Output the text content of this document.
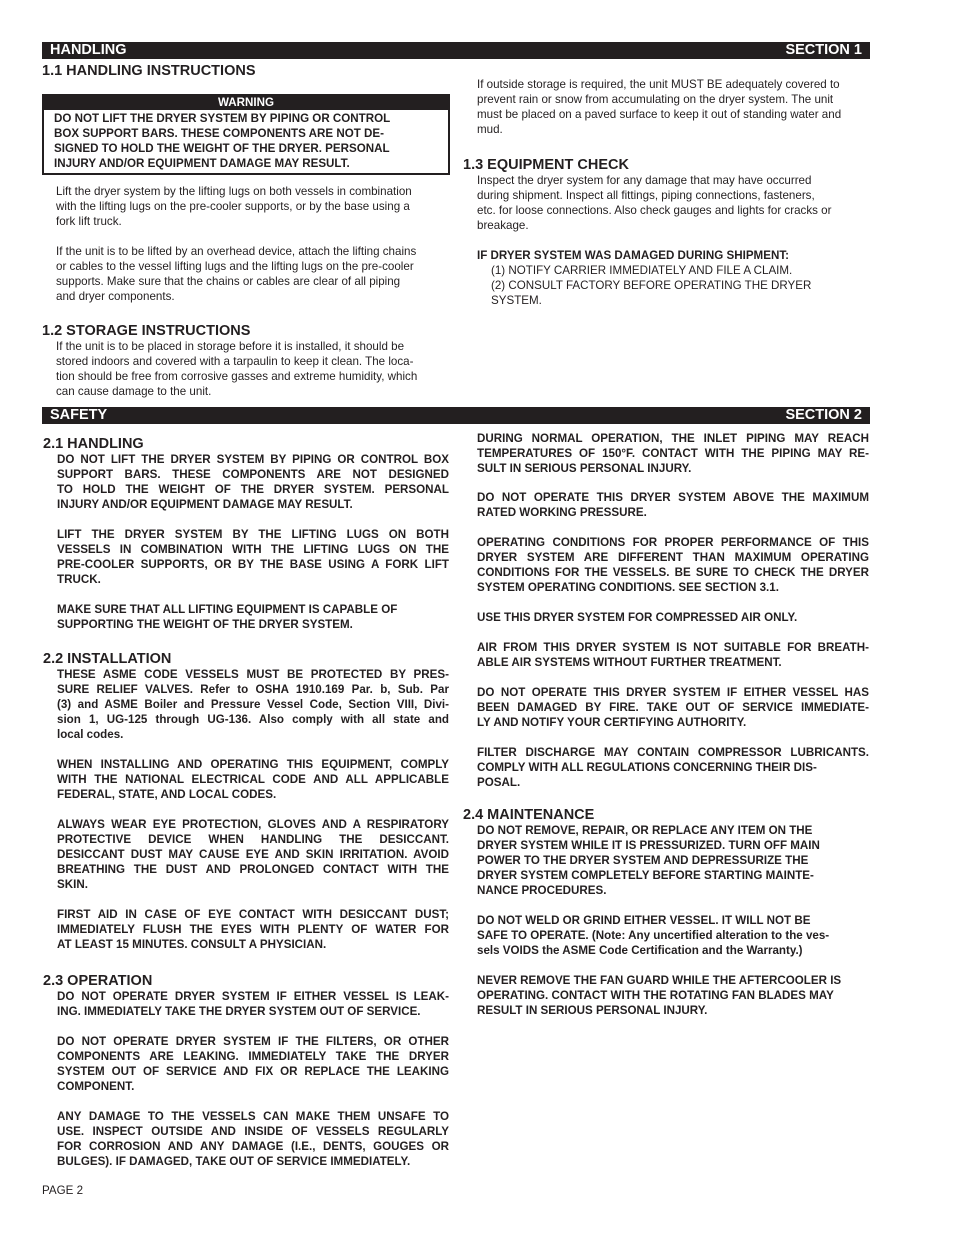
HANDLING	SECTION 1
1.1 HANDLING INSTRUCTIONS
WARNING
DO NOT LIFT THE DRYER SYSTEM BY PIPING OR CONTROL
BOX SUPPORT BARS. THESE COMPONENTS ARE NOT DE-
SIGNED TO HOLD THE WEIGHT OF THE DRYER. PERSONAL
INJURY AND/OR EQUIPMENT DAMAGE MAY RESULT.
Lift the dryer system by the lifting lugs on both vessels in combination
with the lifting lugs on the pre-cooler supports, or by the base using a
fork lift truck.
If the unit is to be lifted by an overhead device, attach the lifting chains
or cables to the vessel lifting lugs and the lifting lugs on the pre-cooler
supports. Make sure that the chains or cables are clear of all piping
and dryer components.
1.2 STORAGE INSTRUCTIONS
If the unit is to be placed in storage before it is installed, it should be
stored indoors and covered with a tarpaulin to keep it clean. The loca-
tion should be free from corrosive gasses and extreme humidity, which
can cause damage to the unit.
If outside storage is required, the unit MUST BE adequately covered to
prevent rain or snow from accumulating on the dryer system. The unit
must be placed on a paved surface to keep it out of standing water and
mud.
1.3 EQUIPMENT CHECK
Inspect the dryer system for any damage that may have occurred
during shipment. Inspect all fittings, piping connections, fasteners,
etc. for loose connections. Also check gauges and lights for cracks or
breakage.
IF DRYER SYSTEM WAS DAMAGED DURING SHIPMENT:
(1) NOTIFY CARRIER IMMEDIATELY AND FILE A CLAIM.
(2) CONSULT FACTORY BEFORE OPERATING THE DRYER
SYSTEM.
SAFETY	SECTION 2
2.1 HANDLING
DO NOT LIFT THE DRYER SYSTEM BY PIPING OR CONTROL BOX
SUPPORT BARS. THESE COMPONENTS ARE NOT DESIGNED
TO HOLD THE WEIGHT OF THE DRYER SYSTEM. PERSONAL
INJURY AND/OR EQUIPMENT DAMAGE MAY RESULT.
LIFT THE DRYER SYSTEM BY THE LIFTING LUGS ON BOTH
VESSELS IN COMBINATION WITH THE LIFTING LUGS ON THE
PRE-COOLER SUPPORTS, OR BY THE BASE USING A FORK LIFT
TRUCK.
MAKE SURE THAT ALL LIFTING EQUIPMENT IS CAPABLE OF
SUPPORTING THE WEIGHT OF THE DRYER SYSTEM.
2.2 INSTALLATION
THESE ASME CODE VESSELS MUST BE PROTECTED BY PRES-
SURE RELIEF VALVES. Refer to OSHA 1910.169 Par. b, Sub. Par
(3) and ASME Boiler and Pressure Vessel Code, Section VIII, Divi-
sion 1, UG-125 through UG-136. Also comply with all state and
local codes.
WHEN INSTALLING AND OPERATING THIS EQUIPMENT, COMPLY
WITH THE NATIONAL ELECTRICAL CODE AND ALL APPLICABLE
FEDERAL, STATE, AND LOCAL CODES.
ALWAYS WEAR EYE PROTECTION, GLOVES AND A RESPIRATORY
PROTECTIVE DEVICE WHEN HANDLING THE DESICCANT.
DESICCANT DUST MAY CAUSE EYE AND SKIN IRRITATION. AVOID
BREATHING THE DUST AND PROLONGED CONTACT WITH THE
SKIN.
FIRST AID IN CASE OF EYE CONTACT WITH DESICCANT DUST;
IMMEDIATELY FLUSH THE EYES WITH PLENTY OF WATER FOR
AT LEAST 15 MINUTES. CONSULT A PHYSICIAN.
2.3 OPERATION
DO NOT OPERATE DRYER SYSTEM IF EITHER VESSEL IS LEAK-
ING. IMMEDIATELY TAKE THE DRYER SYSTEM OUT OF SERVICE.
DO NOT OPERATE DRYER SYSTEM IF THE FILTERS, OR OTHER
COMPONENTS ARE LEAKING. IMMEDIATELY TAKE THE DRYER
SYSTEM OUT OF SERVICE AND FIX OR REPLACE THE LEAKING
COMPONENT.
ANY DAMAGE TO THE VESSELS CAN MAKE THEM UNSAFE TO
USE. INSPECT OUTSIDE AND INSIDE OF VESSELS REGULARLY
FOR CORROSION AND ANY DAMAGE (I.E., DENTS, GOUGES OR
BULGES). IF DAMAGED, TAKE OUT OF SERVICE IMMEDIATELY.
DURING NORMAL OPERATION, THE INLET PIPING MAY REACH
TEMPERATURES OF 150°F. CONTACT WITH THE PIPING MAY RE-
SULT IN SERIOUS PERSONAL INJURY.
DO NOT OPERATE THIS DRYER SYSTEM ABOVE THE MAXIMUM
RATED WORKING PRESSURE.
OPERATING CONDITIONS FOR PROPER PERFORMANCE OF THIS
DRYER SYSTEM ARE DIFFERENT THAN MAXIMUM OPERATING
CONDITIONS FOR THE VESSELS. BE SURE TO CHECK THE DRYER
SYSTEM OPERATING CONDITIONS. SEE SECTION 3.1.
USE THIS DRYER SYSTEM FOR COMPRESSED AIR ONLY.
AIR FROM THIS DRYER SYSTEM IS NOT SUITABLE FOR BREATH-
ABLE AIR SYSTEMS WITHOUT FURTHER TREATMENT.
DO NOT OPERATE THIS DRYER SYSTEM IF EITHER VESSEL HAS
BEEN DAMAGED BY FIRE. TAKE OUT OF SERVICE IMMEDIATE-
LY AND NOTIFY YOUR CERTIFYING AUTHORITY.
FILTER DISCHARGE MAY CONTAIN COMPRESSOR LUBRICANTS.
COMPLY WITH ALL REGULATIONS CONCERNING THEIR DIS-
POSAL.
2.4 MAINTENANCE
DO NOT REMOVE, REPAIR, OR REPLACE ANY ITEM ON THE
DRYER SYSTEM WHILE IT IS PRESSURIZED. TURN OFF MAIN
POWER TO THE DRYER SYSTEM AND DEPRESSURIZE THE
DRYER SYSTEM COMPLETELY BEFORE STARTING MAINTE-
NANCE PROCEDURES.
DO NOT WELD OR GRIND EITHER VESSEL. IT WILL NOT BE
SAFE TO OPERATE. (Note: Any uncertified alteration to the ves-
sels VOIDS the ASME Code Certification and the Warranty.)
NEVER REMOVE THE FAN GUARD WHILE THE AFTERCOOLER IS
OPERATING. CONTACT WITH THE ROTATING FAN BLADES MAY
RESULT IN SERIOUS PERSONAL INJURY.
PAGE 2
